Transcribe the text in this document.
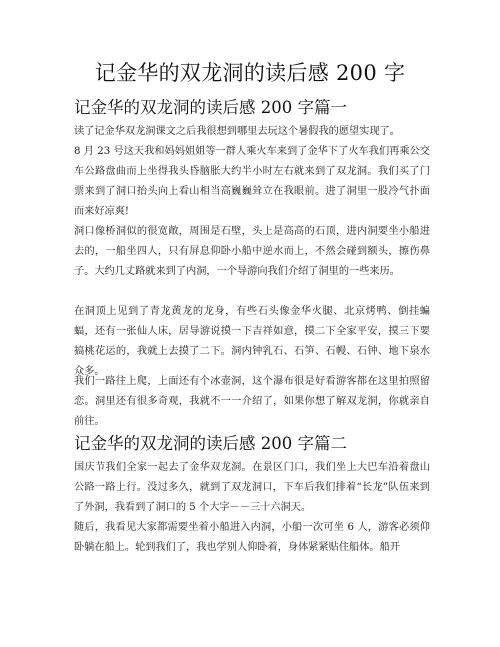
记金华的双龙洞的读后感 200 字
记金华的双龙洞的读后感 200 字篇一

读了记金华双龙洞课文之后我很想到哪里去玩这个暑假我的愿望实现了。

8 月 23 号这天我和妈妈姐姐等一群人乘火车来到了金华下了火车我们再乘公交车公路盘曲而上坐得我头昏脑胀大约半小时左右就来到了双龙洞。我们买了门票来到了洞口抬头向上看山相当高巍巍耸立在我眼前。进了洞里一股冷气扑面而来好凉爽!

洞口像桥洞似的很宽敞，周围是石壁，头上是高高的石顶，进内洞要坐小船进去的，一船坐四人，只有屏息仰卧小船中逆水而上，不然会碰到额头，擦伤鼻子。大约几丈路就来到了内洞，一个导游向我们介绍了洞里的一些来历。

在洞顶上见到了青龙黄龙的龙身，有些石头像金华火腿、北京烤鸭、倒挂蝙蝠，还有一张仙人床，居导游说摸一下吉祥如意，摸二下全家平安，摸三下要搞桃花运的，我就上去摸了二下。洞内钟乳石、石笋、石幔、石钟、地下泉水众多。

我们一路往上爬，上面还有个冰壶洞，这个瀑布很是好看游客都在这里拍照留恋。洞里还有很多奇观，我就不一一介绍了，如果你想了解双龙洞，你就亲自前往。

记金华的双龙洞的读后感 200 字篇二

国庆节我们全家一起去了金华双龙洞。在景区门口，我们坐上大巴车沿着盘山公路一路上行。没过多久，就到了双龙洞口，下车后我们排着“长龙”队伍来到了外洞，我看到了洞口的 5 个大字－－三十六洞天。

随后，我看见大家都需要坐着小船进入内洞，小船一次可坐 6 人，游客必须仰卧躺在船上。轮到我们了，我也学别人仰卧着，身体紧紧贴住船体。船开
